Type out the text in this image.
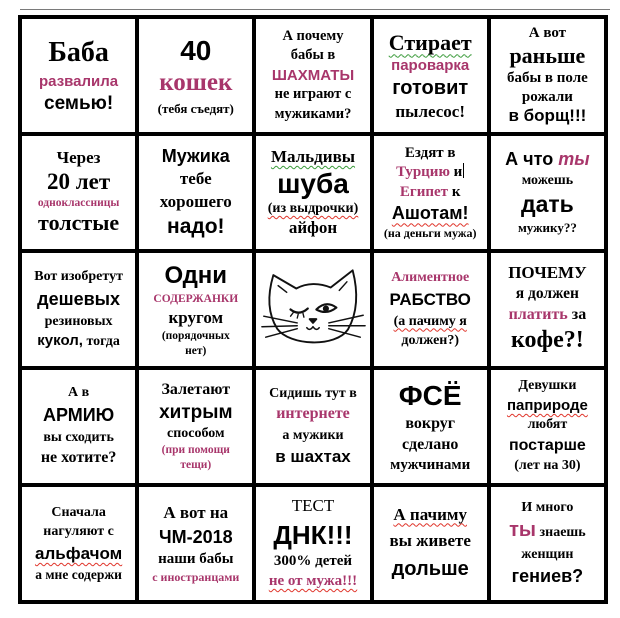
Баба
развалила
семью!
40
кошек
(тебя съедят)
А почему
бабы в
ШАХМАТЫ
не играют с
мужиками?
Стирает
пароварка
готовит
пылесос!
А вот
раньше
бабы в поле
рожали
в борщ!!!
Через
20 лет
одноклассницы
толстые
Мужика
тебе
хорошего
надо!
Мальдивы
шуба
(из выдрочки)
айфон
Ездят в
Турцию и
Египет к
Ашотам!
(на деньги мужа)
А что ты
можешь
дать
мужику??
Вот изобретут
дешевых
резиновых
кукол, тогда
Одни
СОДЕРЖАНКИ
кругом
(порядочных
нет)
Алиментное
РАБСТВО
(а пачиму я
должен?)
ПОЧЕМУ
я должен
платить за
кофе?!
А в
АРМИЮ
вы сходить
не хотите?
Залетают
хитрым
способом
(при помощи
тещи)
Сидишь тут в
интернете
а мужики
в шахтах
ФСЁ
вокруг
сделано
мужчинами
Девушки
паприроде
любят
постарше
(лет на 30)
Сначала
нагуляют с
альфачом
а мне содержи
А вот на
ЧМ-2018
наши бабы
с иностранцами
ТЕСТ
ДНК!!!
300% детей
не от мужа!!!
А пачиму
вы живете
дольше
И много
ты знаешь
женщин
гениев?
